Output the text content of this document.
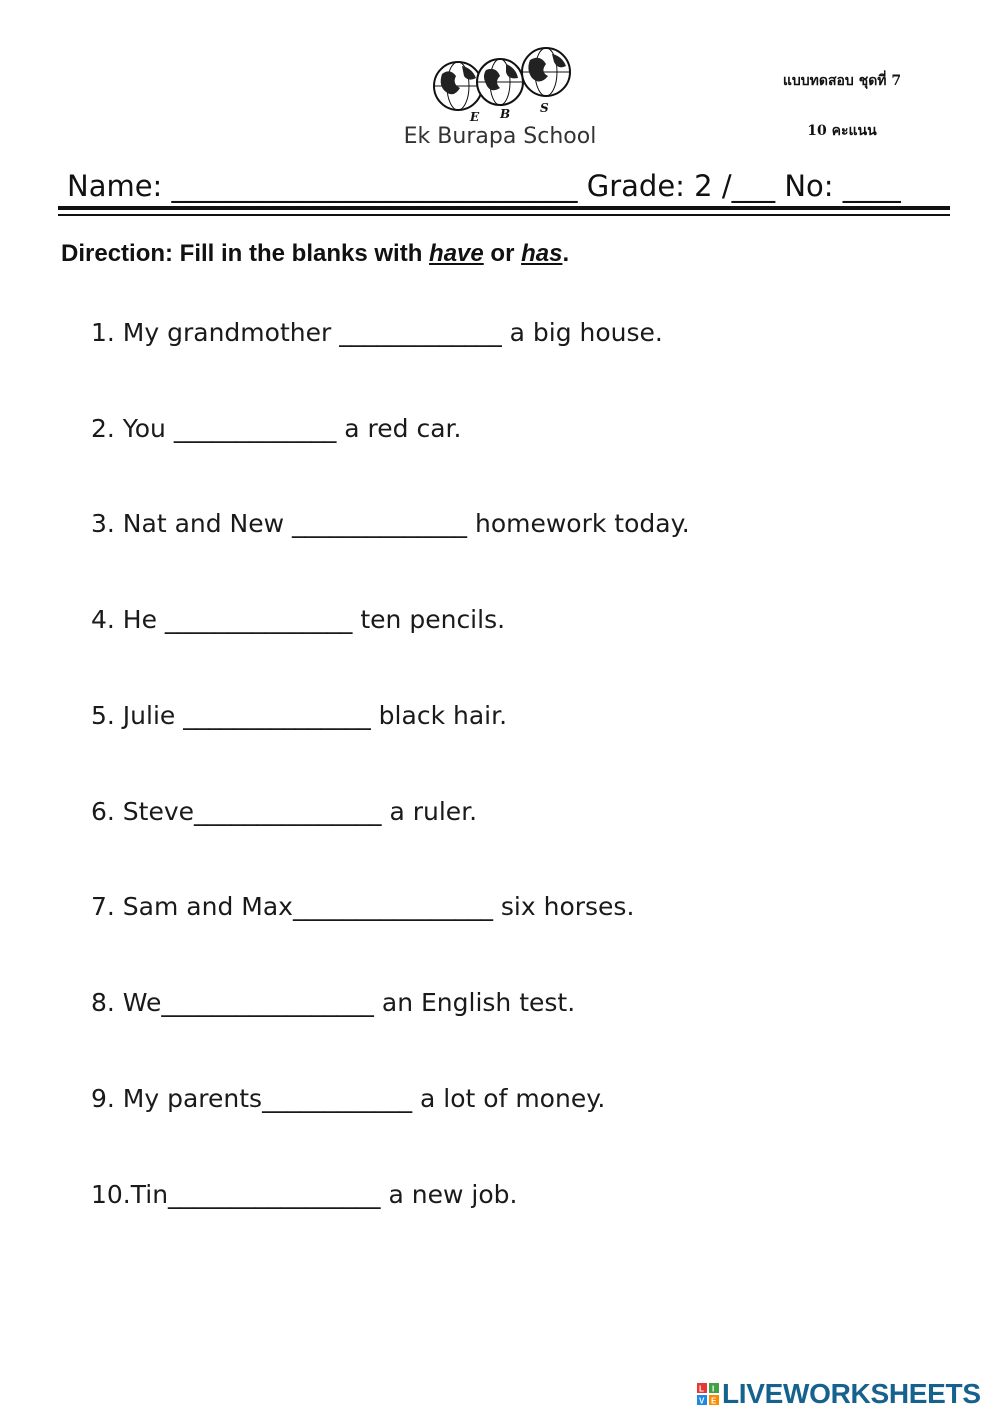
E B S
Ek Burapa School
แบบทดสอบ ชุดที่ 7
10 คะแนน
Name: ____________________________ Grade: 2 /___ No: ____
Direction: Fill in the blanks with have or has.
1. My grandmother _____________ a big house.
2. You _____________ a red car.
3. Nat and New ______________ homework today.
4. He _______________ ten pencils.
5. Julie _______________ black hair.
6. Steve_______________ a ruler.
7. Sam and Max________________ six horses.
8. We_________________ an English test.
9. My parents____________ a lot of money.
10.Tin_________________ a new job.
L I
V E LIVEWORKSHEETS
